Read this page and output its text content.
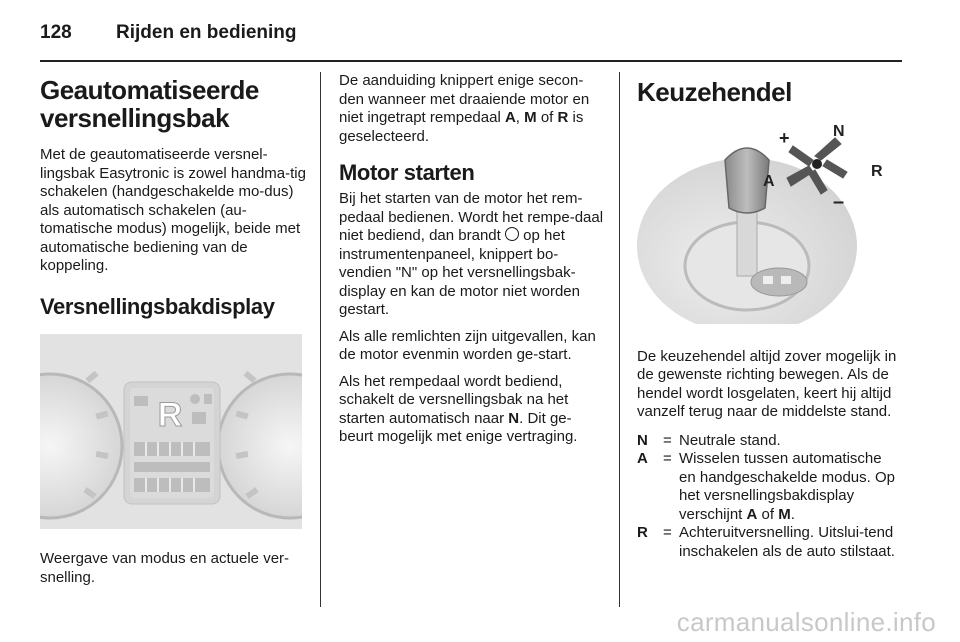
128 Rijden en bediening
Geautomatiseerde versnellingsbak

Met de geautomatiseerde versnel-lingsbak Easytronic is zowel handma-tig schakelen (handgeschakelde mo-dus) als automatisch schakelen (au-tomatische modus) mogelijk, beide met automatische bediening van de koppeling.

Versnellingsbakdisplay
R

Weergave van modus en actuele ver-snelling.

De aanduiding knippert enige secon-den wanneer met draaiende motor en niet ingetrapt rempedaal A, M of R is geselecteerd.

Motor starten

Bij het starten van de motor het rem-pedaal bedienen. Wordt het rempe-daal niet bediend, dan brandt op het instrumentenpaneel, knippert bo-vendien "N" op het versnellingsbak-display en kan de motor niet worden gestart.

Als alle remlichten zijn uitgevallen, kan de motor evenmin worden ge-start.

Als het rempedaal wordt bediend, schakelt de versnellingsbak na het starten automatisch naar N. Dit ge-beurt mogelijk met enige vertraging.

Keuzehendel
+	N
R
A
–

De keuzehendel altijd zover mogelijk in de gewenste richting bewegen. Als de hendel wordt losgelaten, keert hij altijd vanzelf terug naar de middelste stand.

N	= Neutrale stand.
A	= Wisselen tussen automatische en handgeschakelde modus. Op het versnellingsbakdisplay verschijnt A of M.
R	= Achteruitversnelling. Uitslui-tend inschakelen als de auto stilstaat.
carmanualsonline.info
